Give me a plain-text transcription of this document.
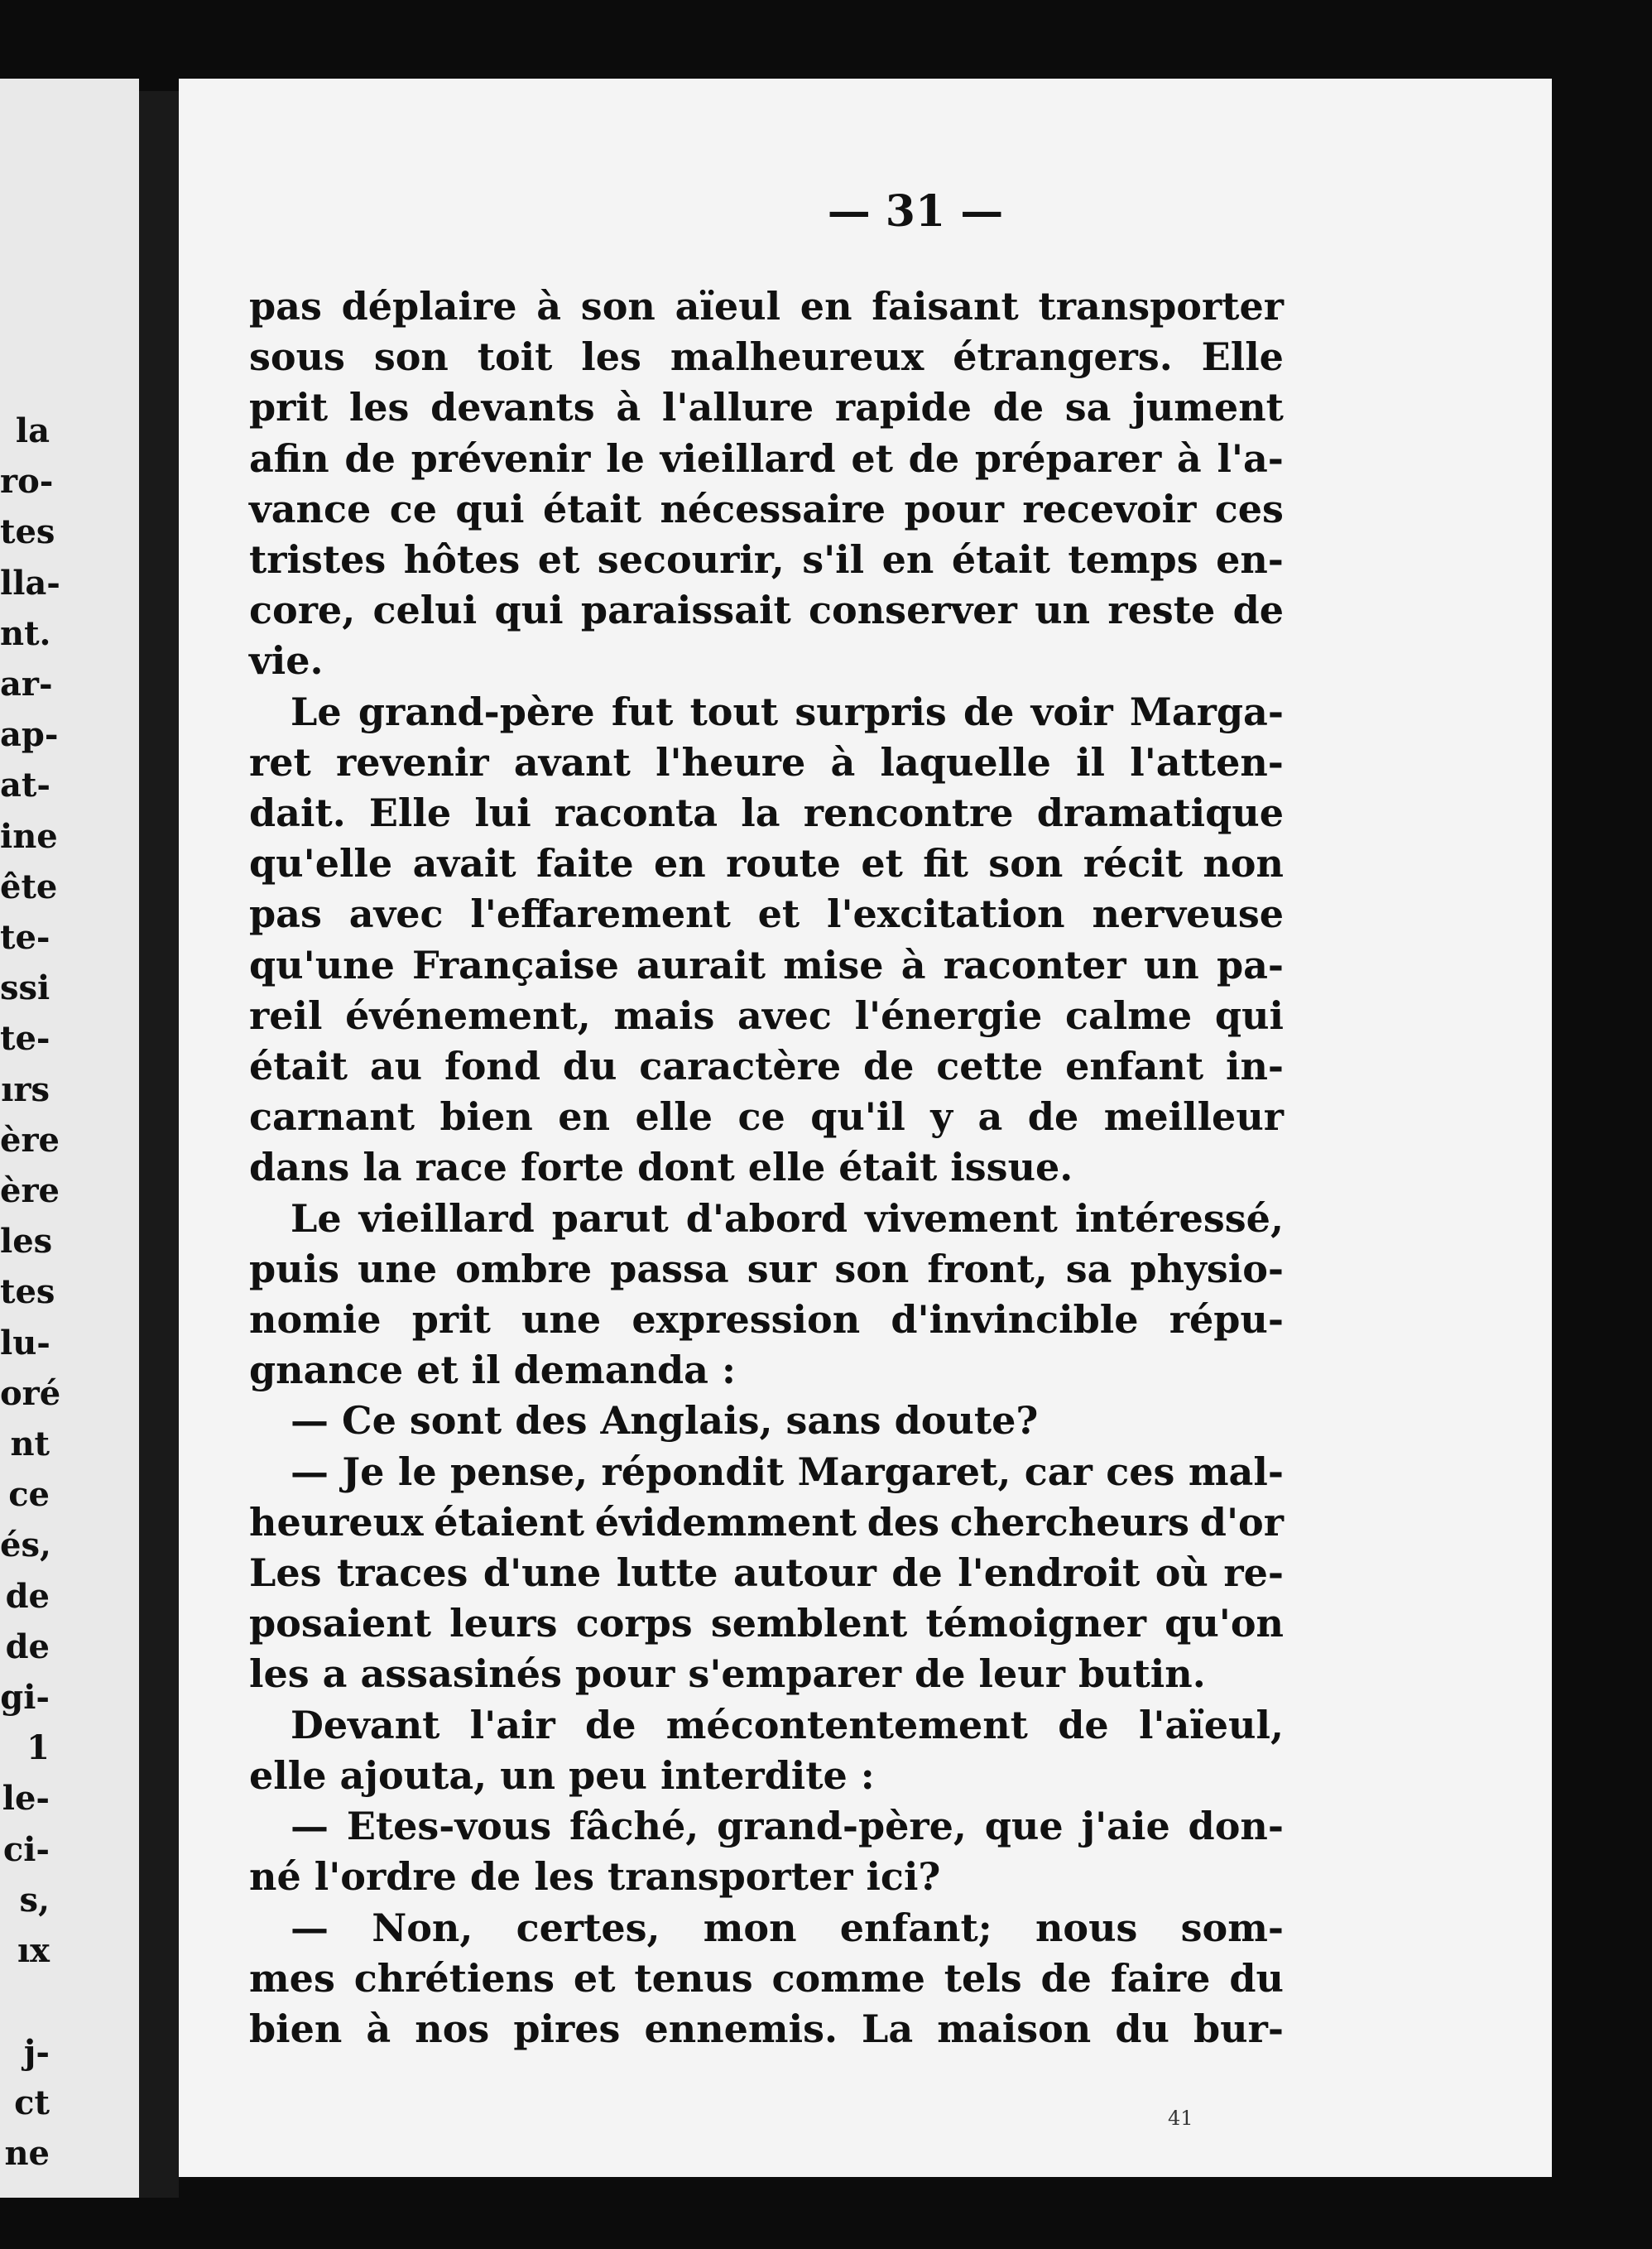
la
ro-
tes
lla-
nt.
ar-
ap-
at-
ine
ête
te-
ssi
te-
ırs
ère
ère
les
tes
lu-
oré
nt
ce
és,
de
de
gi-
1
le-
ci-
s,
ıx

j-
ct
ne
— 31 —
pas déplaire à son aïeul en faisant transporter
sous son toit les malheureux étrangers. Elle
prit les devants à l'allure rapide de sa jument
afin de prévenir le vieillard et de préparer à l'a-
vance ce qui était nécessaire pour recevoir ces
tristes hôtes et secourir, s'il en était temps en-
core, celui qui paraissait conserver un reste de
vie.
Le grand-père fut tout surpris de voir Marga-
ret revenir avant l'heure à laquelle il l'atten-
dait. Elle lui raconta la rencontre dramatique
qu'elle avait faite en route et fit son récit non
pas avec l'effarement et l'excitation nerveuse
qu'une Française aurait mise à raconter un pa-
reil événement, mais avec l'énergie calme qui
était au fond du caractère de cette enfant in-
carnant bien en elle ce qu'il y a de meilleur
dans la race forte dont elle était issue.
Le vieillard parut d'abord vivement intéressé,
puis une ombre passa sur son front, sa physio-
nomie prit une expression d'invincible répu-
gnance et il demanda :
— Ce sont des Anglais, sans doute?
— Je le pense, répondit Margaret, car ces mal-
heureux étaient évidemment des chercheurs d'or
Les traces d'une lutte autour de l'endroit où re-
posaient leurs corps semblent témoigner qu'on
les a assasinés pour s'emparer de leur butin.
Devant l'air de mécontentement de l'aïeul,
elle ajouta, un peu interdite :
— Etes-vous fâché, grand-père, que j'aie don-
né l'ordre de les transporter ici?
— Non, certes, mon enfant; nous som-
mes chrétiens et tenus comme tels de faire du
bien à nos pires ennemis. La maison du bur-
41
